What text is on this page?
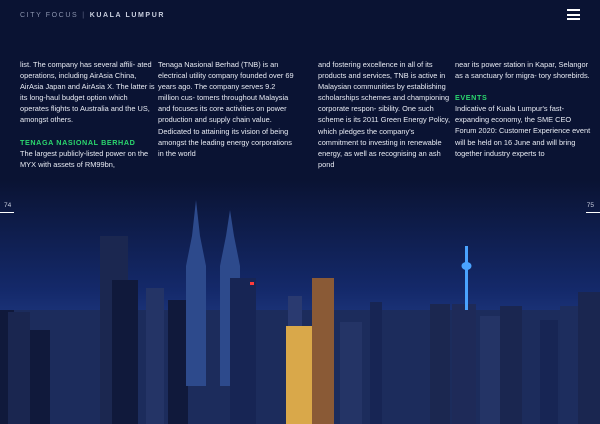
CITY FOCUS | KUALA LUMPUR

list. The company has several affili- ated operations, including AirAsia China, AirAsia Japan and AirAsia X. The latter is its long-haul budget option which operates flights to Australia and the US, amongst others.

TENAGA NASIONAL BERHAD

The largest publicly-listed power on the MYX with assets of RM99bn,

Tenaga Nasional Berhad (TNB) is an electrical utility company founded over 69 years ago. The company serves 9.2 million cus- tomers throughout Malaysia and focuses its core activities on power production and supply chain value. Dedicated to attaining its vision of being amongst the leading energy corporations in the world

and fostering excellence in all of its products and services, TNB is active in Malaysian communities by establishing scholarships schemes and championing corporate respon- sibility. One such scheme is its 2011 Green Energy Policy, which pledges the company's commitment to investing in renewable energy, as well as recognising an ash pond

near its power station in Kapar, Selangor as a sanctuary for migra- tory shorebirds.

EVENTS

Indicative of Kuala Lumpur's fast- expanding economy, the SME CEO Forum 2020: Customer Experience event will be held on 16 June and will bring together industry experts to

74	75
